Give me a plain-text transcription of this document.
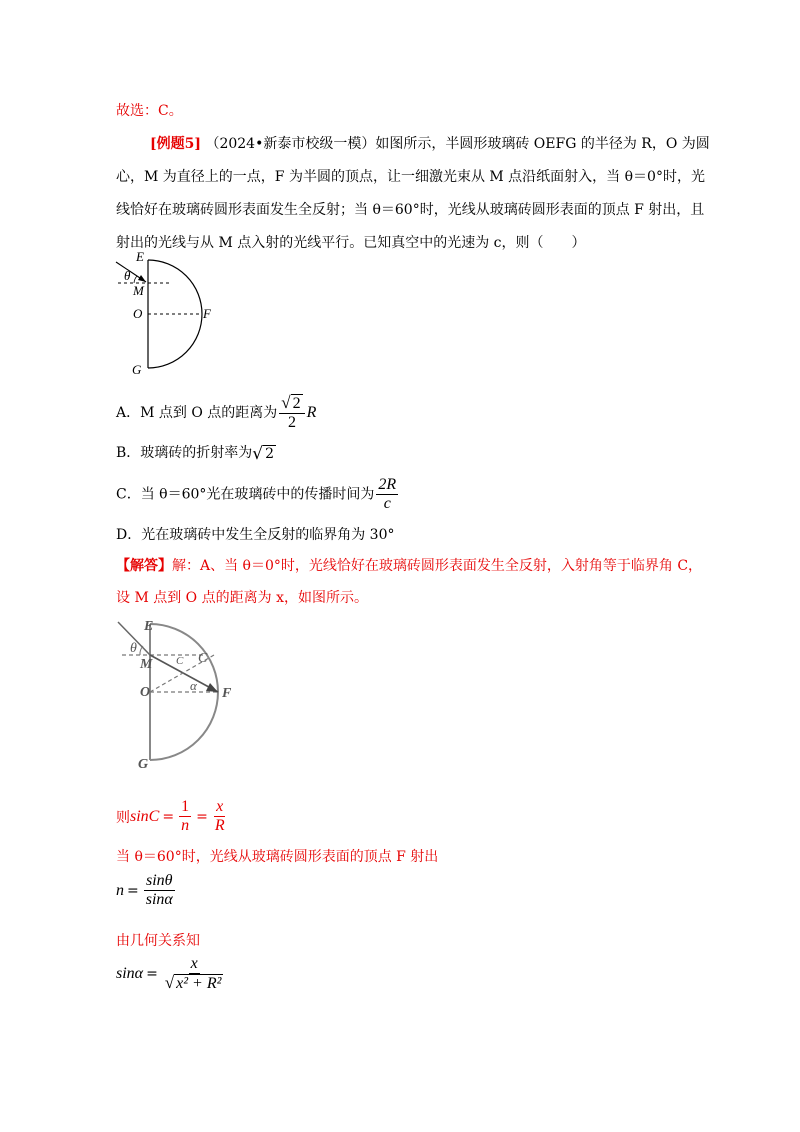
故选：C。
[例题5] （2024•新泰市校级一模）如图所示，半圆形玻璃砖 OEFG 的半径为 R，O 为圆
心，M 为直径上的一点，F 为半圆的顶点，让一细激光束从 M 点沿纸面射入，当 θ＝0°时，光
线恰好在玻璃砖圆形表面发生全反射；当 θ＝60°时，光线从玻璃砖圆形表面的顶点 F 射出，且
射出的光线与从 M 点入射的光线平行。已知真空中的光速为 c，则（　　）
E
θ
M
O	F
G
A．M 点到 O 点的距离为 $\frac{√ 2}{2}$ R
B．玻璃砖的折射率为 √ 2
C．当 θ＝60°光在玻璃砖中的传播时间为 $\frac{2R}{c}$
D．光在玻璃砖中发生全反射的临界角为 30°
【解答】解：A、当 θ＝0°时，光线恰好在玻璃砖圆形表面发生全反射，入射角等于临界角 C，
设 M 点到 O 点的距离为 x，如图所示。
E
θ
M C C
O	α
F
G
则 $\sin C = \frac{1}{n} = \frac{x}{R}$
当 θ＝60°时，光线从玻璃砖圆形表面的顶点 F 射出
$n = \frac{\sin\theta}{\sin\alpha}$
由几何关系知
$\sin\alpha = \frac{x}{\text{√ x² + R²}}$
